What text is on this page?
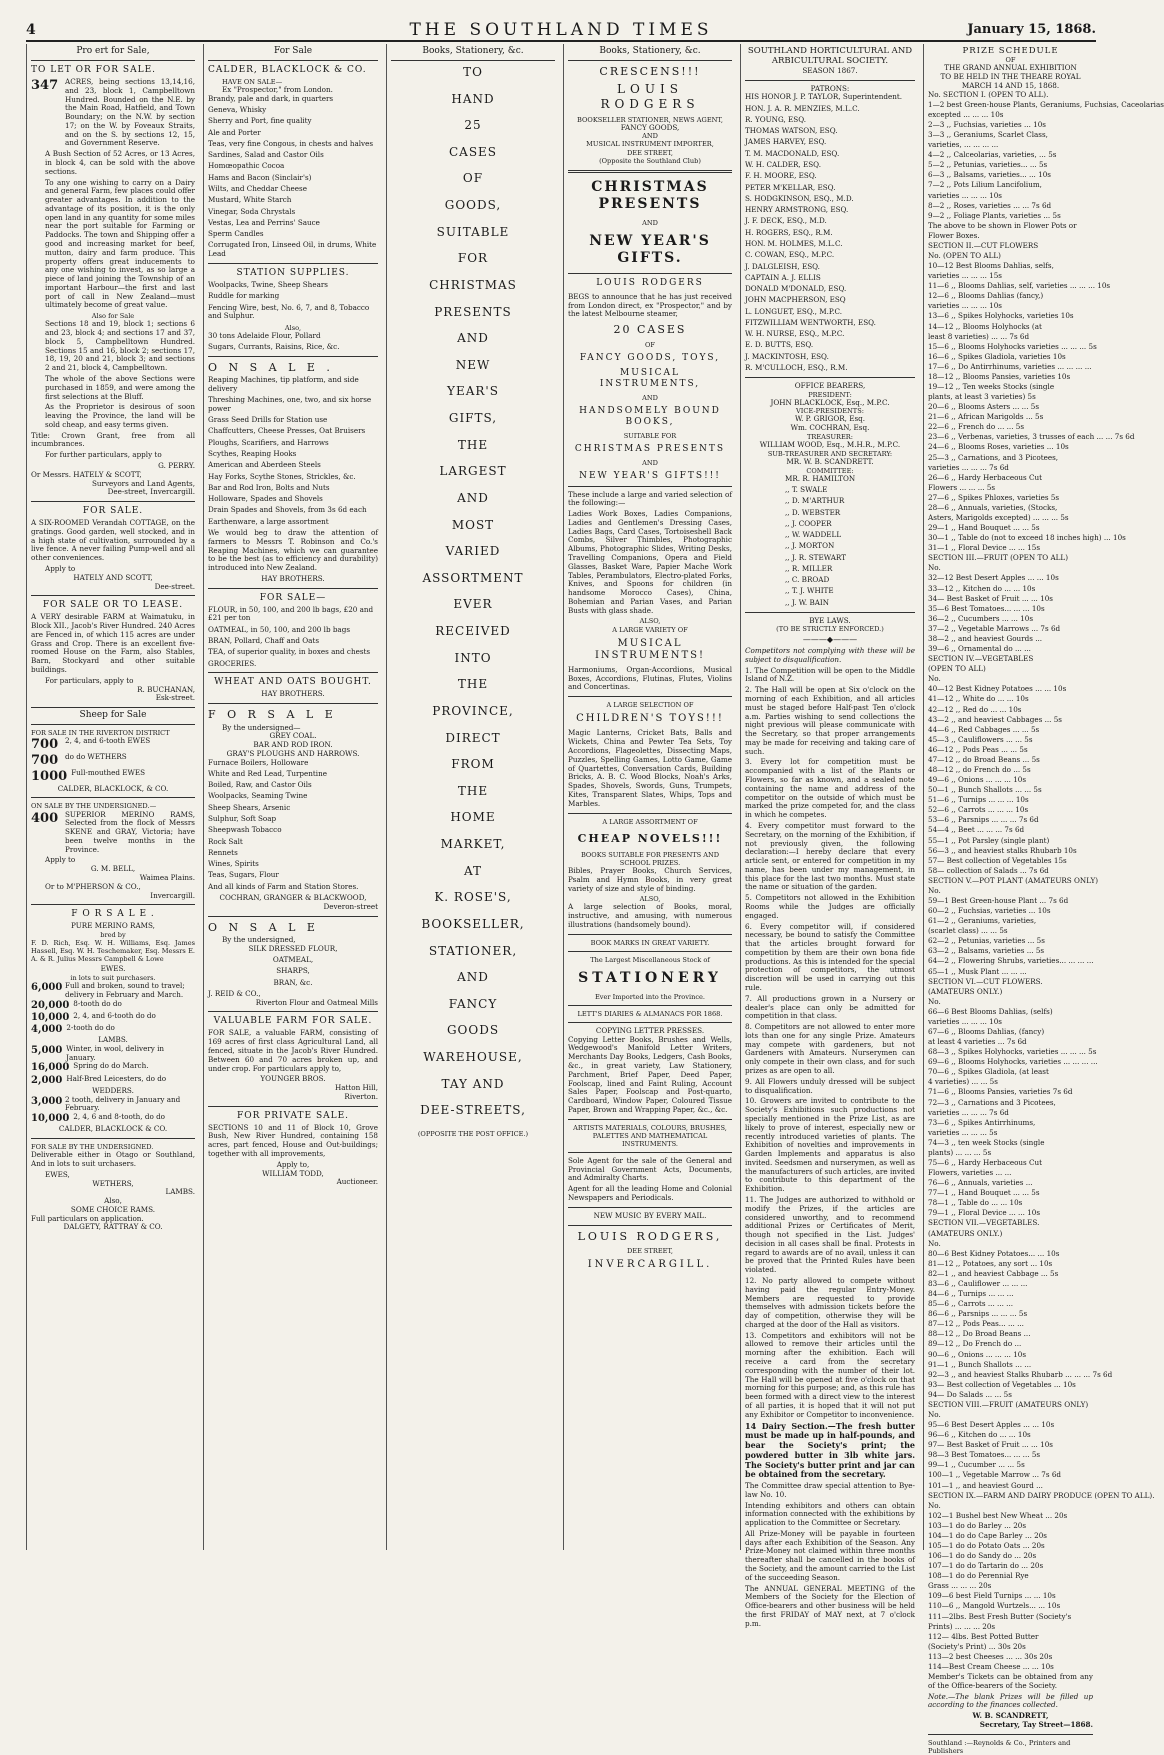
4	THE SOUTHLAND TIMES	January 15, 1868.
Pro ert for Sale,
TO LET OR FOR SALE.
347 ACRES, being sections 13,14,16, and 23, block 1, Campbelltown Hundred. Bounded on the N.E. by the Main Road, Hatfield, and Town Boundary; on the N.W. by section 17; on the W. by Foveaux Straits, and on the S. by sections 12, 15, and Government Reserve.

A Bush Section of 52 Acres, or 13 Acres, in block 4, can be sold with the above sections.

To any one wishing to carry on a Dairy and general Farm, few places could offer greater advantages. In addition to the advantage of its position, it is the only open land in any quantity for some miles near the port suitable for Farming or Paddocks. The town and Shipping offer a good and increasing market for beef, mutton, dairy and farm produce. This property offers great inducements to any one wishing to invest, as so large a piece of land joining the Township of an important Harbour—the first and last port of call in New Zealand—must ultimately become of great value.

Also for Sale

Sections 18 and 19, block 1; sections 6 and 23, block 4; and sections 17 and 37, block 5, Campbelltown Hundred. Sections 15 and 16, block 2; sections 17, 18, 19, 20 and 21, block 3; and sections 2 and 21, block 4, Campbelltown.

The whole of the above Sections were purchased in 1859, and were among the first selections at the Bluff.

As the Proprietor is desirous of soon leaving the Province, the land will be sold cheap, and easy terms given.

Title: Crown Grant, free from all incumbrances.

For further particulars, apply to

G. PERRY.
Or Messrs. HATELY & SCOTT,
Surveyors and Land Agents,
Dee-street, Invercargill.
FOR SALE.

A SIX-ROOMED Verandah COTTAGE, on the gratings. Good garden, well stocked, and in a high state of cultivation, surrounded by a live fence. A never failing Pump-well and all other conveniences.

Apply to
HATELY AND SCOTT,
Dee-street.
FOR SALE OR TO LEASE.

A VERY desirable FARM at Waimatuku, in Block XII., Jacob's River Hundred. 240 Acres are Fenced in, of which 115 acres are under Grass and Crop. There is an excellent five-roomed House on the Farm, also Stables, Barn, Stockyard and other suitable buildings.

For particulars, apply to
R. BUCHANAN,
Esk-street.
Sheep for Sale
FOR SALE IN THE RIVERTON DISTRICT
700 2, 4, and 6-tooth EWES
700 do do WETHERS
1000 Full-mouthed EWES
CALDER, BLACKLOCK, & CO.
ON SALE BY THE UNDERSIGNED.—
400 SUPERIOR MERINO RAMS, Selected from the flock of Messrs SKENE and GRAY, Victoria; have been twelve months in the Province.

Apply to
G. M. BELL,
Waimea Plains.
Or to M'PHERSON & CO.,
Invercargill.
F O R S A L E .
PURE MERINO RAMS,
bred by

F. D. Rich, Esq. W. H. Williams, Esq. James Hassell, Esq. W. H. Teschemaker, Esq. Messrs E. A. & R. Julius Messrs Campbell & Lowe

EWES.
in lots to suit purchasers.
6,000 Full and broken, sound to travel; delivery in February and March.
20,000 8-tooth do do
10,000 2, 4, and 6-tooth do do
4,000 2-tooth do do
LAMBS.
5,000 Winter, in wool, delivery in January.
16,000 Spring do do March.
2,000 Half-Bred Leicesters, do do
WEDDERS.
3,000 2 tooth, delivery in January and February.
10,000 2, 4, 6 and 8-tooth, do do
CALDER, BLACKLOCK & CO.
FOR SALE BY THE UNDERSIGNED.

Deliverable either in Otago or Southland, And in lots to suit urchasers.

EWES,
WETHERS,
LAMBS.
Also,
SOME CHOICE RAMS.
Full particulars on application.
DALGETY, RATTRAY & CO.
For Sale
CALDER, BLACKLOCK & CO.
HAVE ON SALE—
Ex "Prospector," from London.
Brandy, pale and dark, in quarters
Geneva, Whisky
Sherry and Port, fine quality
Ale and Porter
Teas, very fine Congous, in chests and halves
Sardines, Salad and Castor Oils
Homœopathic Cocoa
Hams and Bacon (Sinclair's)
Wilts, and Cheddar Cheese
Mustard, White Starch
Vinegar, Soda Chrystals
Vestas, Lea and Perrins' Sauce
Sperm Candles
Corrugated Iron, Linseed Oil, in drums, White Lead
STATION SUPPLIES.
Woolpacks, Twine, Sheep Shears
Ruddle for marking
Fencing Wire, best, No. 6, 7, and 8, Tobacco and Sulphur.
Also,
30 tons Adelaide Flour, Pollard
Sugars, Currants, Raisins, Rice, &c.
O N S A L E .
Reaping Machines, tip platform, and side delivery
Threshing Machines, one, two, and six horse power
Grass Seed Drills for Station use
Chaffcutters, Cheese Presses, Oat Bruisers
Ploughs, Scarifiers, and Harrows
Scythes, Reaping Hooks
American and Aberdeen Steels
Hay Forks, Scythe Stones, Strickles, &c.
Bar and Rod Iron, Bolts and Nuts
Holloware, Spades and Shovels
Drain Spades and Shovels, from 3s 6d each
Earthenware, a large assortment

We would beg to draw the attention of farmers to Messrs T. Robinson and Co.'s Reaping Machines, which we can guarantee to be the best (as to efficiency and durability) introduced into New Zealand.

HAY BROTHERS.
FOR SALE—
FLOUR, in 50, 100, and 200 lb bags, £20 and £21 per ton
OATMEAL, in 50, 100, and 200 lb bags
BRAN, Pollard, Chaff and Oats
TEA, of superior quality, in boxes and chests
GROCERIES.
WHEAT AND OATS BOUGHT.
HAY BROTHERS.
F O R S A L E
By the undersigned—
GREY COAL.
BAR AND ROD IRON.
GRAY'S PLOUGHS AND HARROWS.
Furnace Boilers, Holloware
White and Red Lead, Turpentine
Boiled, Raw, and Castor Oils
Woolpacks, Seaming Twine
Sheep Shears, Arsenic
Sulphur, Soft Soap
Sheepwash Tobacco
Rock Salt
Rennets
Wines, Spirits
Teas, Sugars, Flour
And all kinds of Farm and Station Stores.
COCHRAN, GRANGER & BLACKWOOD,
Deveron-street
O N S A L E
By the undersigned,
SILK DRESSED FLOUR,
OATMEAL,
SHARPS,
BRAN, &c.
J. REID & CO.,
Riverton Flour and Oatmeal Mills
VALUABLE FARM FOR SALE.

FOR SALE, a valuable FARM, consisting of 169 acres of first class Agricultural Land, all fenced, situate in the Jacob's River Hundred. Between 60 and 70 acres broken up, and under crop. For particulars apply to,

YOUNGER BROS.
Hatton Hill,
Riverton.
FOR PRIVATE SALE.

SECTIONS 10 and 11 of Block 10, Grove Bush, New River Hundred, containing 158 acres, part fenced, House and Out-buildings; together with all improvements,

Apply to,
WILLIAM TODD,
Auctioneer.
Books, Stationery, &c.
TO
HAND
25
CASES
OF
GOODS,
SUITABLE
FOR
CHRISTMAS
PRESENTS
AND
NEW
YEAR'S
GIFTS,
THE
LARGEST
AND
MOST
VARIED
ASSORTMENT
EVER
RECEIVED
INTO
THE
PROVINCE,
DIRECT
FROM
THE
HOME
MARKET,
AT
K. ROSE'S,
BOOKSELLER,
STATIONER,
AND
FANCY
GOODS
WAREHOUSE,
TAY AND
DEE-STREETS,
(OPPOSITE THE POST OFFICE.)
Books, Stationery, &c.
CRESCENS!!!
LOUIS RODGERS
BOOKSELLER STATIONER, NEWS AGENT,
FANCY GOODS,
AND
MUSICAL INSTRUMENT IMPORTER,
DEE STREET,
(Opposite the Southland Club)
CHRISTMAS PRESENTS
AND
NEW YEAR'S GIFTS.
LOUIS RODGERS

BEGS to announce that he has just received from London direct, ex "Prospector," and by the latest Melbourne steamer,

20 CASES
OF
FANCY GOODS, TOYS,
MUSICAL INSTRUMENTS,
AND
HANDSOMELY BOUND BOOKS,
SUITABLE FOR
CHRISTMAS PRESENTS
AND
NEW YEAR'S GIFTS!!!

These include a large and varied selection of the following:—

Ladies Work Boxes, Ladies Companions, Ladies and Gentlemen's Dressing Cases, Ladies Bags, Card Cases, Tortoiseshell Back Combs, Silver Thimbles, Photographic Albums, Photographic Slides, Writing Desks, Travelling Companions, Opera and Field Glasses, Basket Ware, Papier Mache Work Tables, Perambulators, Electro-plated Forks, Knives, and Spoons for children (in handsome Morocco Cases), China, Bohemian and Parian Vases, and Parian Busts with glass shade.

ALSO,
A LARGE VARIETY OF
MUSICAL INSTRUMENTS!

Harmoniums, Organ-Accordions, Musical Boxes, Accordions, Flutinas, Flutes, Violins and Concertinas.

A LARGE SELECTION OF
CHILDREN'S TOYS!!!

Magic Lanterns, Cricket Bats, Balls and Wickets, China and Pewter Tea Sets, Toy Accordions, Flageolettes, Dissecting Maps, Puzzles, Spelling Games, Lotto Game, Game of Quartettes, Conversation Cards, Building Bricks, A. B. C. Wood Blocks, Noah's Arks, Spades, Shovels, Swords, Guns, Trumpets, Kites, Transparent Slates, Whips, Tops and Marbles.

A LARGE ASSORTMENT OF
CHEAP NOVELS!!!
BOOKS SUITABLE FOR PRESENTS AND SCHOOL PRIZES.

Bibles, Prayer Books, Church Services, Psalm and Hymn Books, in very great variety of size and style of binding.

ALSO,

A large selection of Books, moral, instructive, and amusing, with numerous illustrations (handsomely bound).

BOOK MARKS IN GREAT VARIETY.
The Largest Miscellaneous Stock of
STATIONERY
Ever Imported into the Province.
LETT'S DIARIES & ALMANACS FOR 1868.
COPYING LETTER PRESSES.

Copying Letter Books, Brushes and Wells, Wedgewood's Manifold Letter Writers, Merchants Day Books, Ledgers, Cash Books, &c., in great variety, Law Stationery, Parchment, Brief Paper, Deed Paper, Foolscap, lined and Faint Ruling, Account Sales Paper, Foolscap and Post-quarto, Cardboard, Window Paper, Coloured Tissue Paper, Brown and Wrapping Paper, &c., &c.

ARTISTS MATERIALS, COLOURS, BRUSHES, PALETTES AND MATHEMATICAL INSTRUMENTS.

Sole Agent for the sale of the General and Provincial Government Acts, Documents, and Admiralty Charts.

Agent for all the leading Home and Colonial Newspapers and Periodicals.

NEW MUSIC BY EVERY MAIL.
LOUIS RODGERS,
DEE STREET,
INVERCARGILL.
SOUTHLAND HORTICULTURAL AND ARBICULTURAL SOCIETY.
SEASON 1867.
PATRONS:
HIS HONOR J. P. TAYLOR, Superintendent.
HON. J. A. R. MENZIES, M.L.C.
R. YOUNG, ESQ.
THOMAS WATSON, ESQ.
JAMES HARVEY, ESQ.
T. M. MACDONALD, ESQ.
W. H. CALDER, ESQ.
F. H. MOORE, ESQ.
PETER M'KELLAR, ESQ.
S. HODGKINSON, ESQ., M.D.
HENRY ARMSTRONG, ESQ.
J. F. DECK, ESQ., M.D.
H. ROGERS, ESQ., R.M.
HON. M. HOLMES, M.L.C.
C. COWAN, ESQ., M.P.C.
J. DALGLEISH, ESQ.
CAPTAIN A. J. ELLIS
DONALD M'DONALD, ESQ.
JOHN MACPHERSON, ESQ
L. LONGUET, ESQ., M.P.C.
FITZWILLIAM WENTWORTH, ESQ.
W. H. NURSE, ESQ., M.P.C.
E. D. BUTTS, ESQ.
J. MACKINTOSH, ESQ.
R. M'CULLOCH, ESQ., R.M.
OFFICE BEARERS,
PRESIDENT:
JOHN BLACKLOCK, Esq., M.P.C.
VICE-PRESIDENTS:
W. P. GRIGOR, Esq.
Wm. COCHRAN, Esq.
TREASURER:
WILLIAM WOOD, Esq., M.H.R., M.P.C.
SUB-TREASURER AND SECRETARY:
MR. W. B. SCANDRETT.
COMMITTEE:
MR. R. HAMILTON
,, T. SWALE
,, D. M'ARTHUR
,, D. WEBSTER
,, J. COOPER
,, W. WADDELL
,, J. MORTON
,, J. R. STEWART
,, R. MILLER
,, C. BROAD
,, T. J. WHITE
,, J. W. BAIN
BYE LAWS.
(TO BE STRICTLY ENFORCED.)
———◆———

Competitors not complying with these will be subject to disqualification.

1. The Competition will be open to the Middle Island of N.Z.
2. The Hall will be open at Six o'clock on the morning of each Exhibition, and all articles must be staged before Half-past Ten o'clock a.m. Parties wishing to send collections the night previous will please communicate with the Secretary, so that proper arrangements may be made for receiving and taking care of such.
3. Every lot for competition must be accompanied with a list of the Plants or Flowers, so far as known, and a sealed note containing the name and address of the competitor on the outside of which must be marked the prize competed for, and the class in which he competes.
4. Every competitor must forward to the Secretary, on the morning of the Exhibition, if not previously given, the following declaration:—I hereby declare that every article sent, or entered for competition in my name, has been under my management, in this place for the last two months. Must state the name or situation of the garden.
5. Competitors not allowed in the Exhibition Rooms while the Judges are officially engaged.
6. Every competitor will, if considered necessary, be bound to satisfy the Committee that the articles brought forward for competition by them are their own bona fide productions. As this is intended for the special protection of competitors, the utmost discretion will be used in carrying out this rule.
7. All productions grown in a Nursery or dealer's place can only be admitted for competition in that class.
8. Competitors are not allowed to enter more lots than one for any single Prize. Amateurs may compete with gardeners, but not Gardeners with Amateurs. Nurserymen can only compete in their own class, and for such prizes as are open to all.
9. All Flowers unduly dressed will be subject to disqualification.
10. Growers are invited to contribute to the Society's Exhibitions such productions not specially mentioned in the Prize List, as are likely to prove of interest, especially new or recently introduced varieties of plants. The Exhibition of novelties and improvements in Garden Implements and apparatus is also invited. Seedsmen and nurserymen, as well as the manufacturers of such articles, are invited to contribute to this department of the Exhibition.
11. The Judges are authorized to withhold or modify the Prizes, if the articles are considered unworthy, and to recommend additional Prizes or Certificates of Merit, though not specified in the List. Judges' decision in all cases shall be final. Protests in regard to awards are of no avail, unless it can be proved that the Printed Rules have been violated.
12. No party allowed to compete without having paid the regular Entry-Money. Members are requested to provide themselves with admission tickets before the day of competition, otherwise they will be charged at the door of the Hall as visitors.
13. Competitors and exhibitors will not be allowed to remove their articles until the morning after the exhibition. Each will receive a card from the secretary corresponding with the number of their lot. The Hall will be opened at five o'clock on that morning for this purpose; and, as this rule has been formed with a direct view to the interest of all parties, it is hoped that it will not put any Exhibitor or Competitor to inconvenience.

14 Dairy Section.—The fresh butter must be made up in half-pounds, and bear the Society's print; the powdered butter in 3lb white jars. The Society's butter print and jar can be obtained from the secretary.

The Committee draw special attention to Bye-law No. 10.

Intending exhibitors and others can obtain information connected with the exhibitions by application to the Committee or Secretary.

All Prize-Money will be payable in fourteen days after each Exhibition of the Season. Any Prize-Money not claimed within three months thereafter shall be cancelled in the books of the Society, and the amount carried to the List of the succeeding Season.

The ANNUAL GENERAL MEETING of the Members of the Society for the Election of Office-bearers and other business will be held the first FRIDAY of MAY next, at 7 o'clock p.m.

PRIZE SCHEDULE
OF
THE GRAND ANNUAL EXHIBITION
TO BE HELD IN THE THEARE ROYAL
MARCH 14 AND 15, 1868.
No. SECTION I. (OPEN TO ALL).
1—2 best Green-house Plants, Geraniums, Fuchsias, Caceolarias
excepted ... ... ... 10s
2—3 ,, Fuchsias, varieties ... 10s
3—3 ,, Geraniums, Scarlet Class,
varieties, ... ... ... ...
4—2 ,, Calceolarias, varieties, ... 5s
5—2 ,, Petunias, varieties... ... 5s
6—3 ,, Balsams, varieties... ... 10s
7—2 ,, Pots Lilium Lancifolium,
varieties ... ... ... 10s
8—2 ,, Roses, varieties ... ... 7s 6d
9—2 ,, Foliage Plants, varieties ... 5s
The above to be shown in Flower Pots or
Flower Boxes.
SECTION II.—CUT FLOWERS
No. (OPEN TO ALL)
10—12 Best Blooms Dahlias, selfs,
varieties ... ... ... 15s
11—6 ,, Blooms Dahlias, self, varieties ... ... ... 10s
12—6 ,, Blooms Dahlias (fancy,)
varieties ... ... ... 10s
13—6 ,, Spikes Holyhocks, varieties 10s
14—12 ,, Blooms Holyhocks (at
least 8 varieties) ... ... 7s 6d
15—6 ,, Blooms Holyhocks varieties ... ... ... 5s
16—6 ,, Spikes Gladiola, varieties 10s
17—6 ,, Do Antirrhinums, varieties ... ... ... ...
18—12 ,, Blooms Pansies, varieties 10s
19—12 ,, Ten weeks Stocks (single
plants, at least 3 varieties) 5s
20—6 ,, Blooms Asters ... ... 5s
21—6 ,, African Marigolds ... 5s
22—6 ,, French do ... ... 5s
23—6 ,, Verbenas, varieties, 3 trusses of each ... ... 7s 6d
24—6 ,, Blooms Roses, varieties ... 10s
25—3 ,, Carnations, and 3 Picotees,
varieties ... ... ... 7s 6d
26—6 ,, Hardy Herbaceous Cut
Flowers ... ... ... 5s
27—6 ,, Spikes Phloxes, varieties 5s
28—6 ,, Annuals, varieties, (Stocks,
Asters, Marigolds excepted) ... ... ... 5s
29—1 ,, Hand Bouquet ... ... 5s
30—1 ,, Table do (not to exceed 18 inches high) ... 10s
31—1 ,, Floral Device ... ... 15s
SECTION III.—FRUIT (OPEN TO ALL)
No.
32—12 Best Desert Apples ... ... 10s
33—12 ,, Kitchen do ... ... 10s
34— Best Basket of Fruit ... ... 10s
35—6 Best Tomatoes... ... ... 10s
36—2 ,, Cucumbers ... ... 10s
37—2 ,, Vegetable Marrows ... 7s 6d
38—2 ,, and heaviest Gourds ...
39—6 ,, Ornamental do ... ...
SECTION IV.—VEGETABLES
(OPEN TO ALL)
No.
40—12 Best Kidney Potatoes ... ... 10s
41—12 ,, White do ... ... 10s
42—12 ,, Red do ... ... 10s
43—2 ,, and heaviest Cabbages ... 5s
44—6 ,, Red Cabbages ... ... 5s
45—3 ,, Cauliflowers ... ... 5s
46—12 ,, Pods Peas ... ... 5s
47—12 ,, do Broad Beans ... 5s
48—12 ,, do French do ... 5s
49—6 ,, Onions ... ... ... 10s
50—1 ,, Bunch Shallots ... ... 5s
51—6 ,, Turnips ... ... ... 10s
52—6 ,, Carrots ... ... ... 10s
53—6 ,, Parsnips ... ... ... 7s 6d
54—4 ,, Beet ... ... ... 7s 6d
55—1 ,, Pot Parsley (single plant)
56—3 ,, and heaviest stalks Rhubarb 10s
57— Best collection of Vegetables 15s
58— collection of Salads ... 7s 6d
SECTION V.—POT PLANT (AMATEURS ONLY)
No.
59—1 Best Green-house Plant ... 7s 6d
60—2 ,, Fuchsias, varieties ... 10s
61—2 ,, Geraniums, varieties,
(scarlet class) ... ... 5s
62—2 ,, Petunias, varieties ... 5s
63—2 ,, Balsams, varieties ... 5s
64—2 ,, Flowering Shrubs, varieties... ... ... ...
65—1 ,, Musk Plant ... ... ...
SECTION VI.—CUT FLOWERS.
(AMATEURS ONLY.)
No.
66—6 Best Blooms Dahlias, (selfs)
varieties ... ... ... 10s
67—6 ,, Blooms Dahlias, (fancy)
at least 4 varieties ... 7s 6d
68—3 ,, Spikes Holyhocks, varieties ... ... ... 5s
69—6 ,, Blooms Holyhocks, varieties ... ... ... ...
70—6 ,, Spikes Gladiola, (at least
4 varieties) ... ... 5s
71—6 ,, Blooms Pansies, varieties 7s 6d
72—3 ,, Carnations and 3 Picotees,
varieties ... ... ... 7s 6d
73—6 ,, Spikes Antirrhinums,
varieties ... ... ... 5s
74—3 ,, ten week Stocks (single
plants) ... ... ... 5s
75—6 ,, Hardy Herbaceous Cut
Flowers, varieties ... ...
76—6 ,, Annuals, varieties ...
77—1 ,, Hand Bouquet ... ... 5s
78—1 ,, Table do ... ... 10s
79—1 ,, Floral Device ... ... 10s
SECTION VII.—VEGETABLES.
(AMATEURS ONLY.)
No.
80—6 Best Kidney Potatoes... ... 10s
81—12 ,, Potatoes, any sort ... 10s
82—1 ,, and heaviest Cabbage ... 5s
83—6 ,, Cauliflower ... ... ...
84—6 ,, Turnips ... ... ...
85—6 ,, Carrots ... ... ...
86—6 ,, Parsnips ... ... ... 5s
87—12 ,, Pods Peas... ... ...
88—12 ,, Do Broad Beans ...
89—12 ,, Do French do ...
90—6 ,, Onions ... ... ... 10s
91—1 ,, Bunch Shallots ... ...
92—3 ,, and heaviest Stalks Rhubarb ... ... ... 7s 6d
93— Best collection of Vegetables ... 10s
94— Do Salads ... ... 5s
SECTION VIII.—FRUIT (AMATEURS ONLY)
No.
95—6 Best Desert Apples ... ... 10s
96—6 ,, Kitchen do ... ... 10s
97— Best Basket of Fruit ... ... 10s
98—3 Best Tomatoes... ... ... 5s
99—1 ,, Cucumber ... ... 5s
100—1 ,, Vegetable Marrow ... 7s 6d
101—1 ,, and heaviest Gourd ...
SECTION IX.—FARM AND DAIRY PRODUCE (OPEN TO ALL).
No.
102—1 Bushel best New Wheat ... 20s
103—1 do do Barley ... 20s
104—1 do do Cape Barley ... 20s
105—1 do do Potato Oats ... 20s
106—1 do do Sandy do ... 20s
107—1 do do Tartarin do ... 20s
108—1 do do Perennial Rye
Grass ... ... ... 20s
109—6 best Field Turnips ... ... 10s
110—6 ,, Mangold Wurtzels... ... 10s
111—2lbs. Best Fresh Butter (Society's
Prints) ... ... ... 20s
112— 4lbs. Best Potted Butter
(Society's Print) ... 30s 20s
113—2 best Cheeses ... ... 30s 20s
114—Best Cream Cheese ... ... 10s

Member's Tickets can be obtained from any of the Office-bearers of the Society.

Note.—The blank Prizes will be filled up according to the finances collected.

W. B. SCANDRETT,
Secretary, Tay Street—1868.
Southland :—Reynolds & Co., Printers and Publishers
